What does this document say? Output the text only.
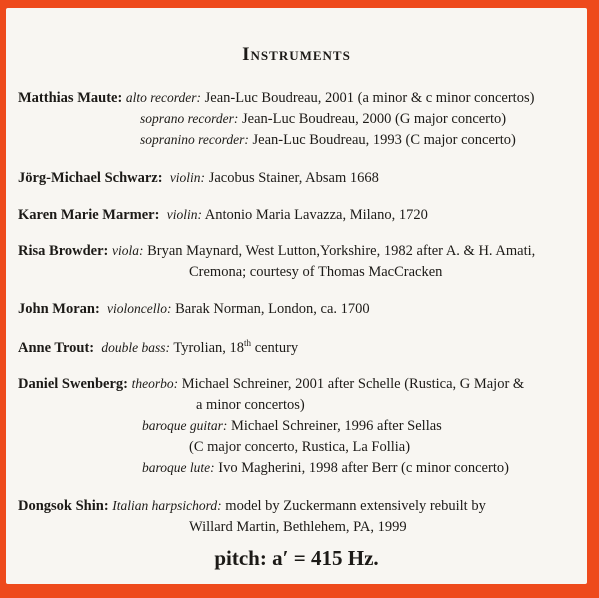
Instruments
Matthias Maute: alto recorder: Jean-Luc Boudreau, 2001 (a minor & c minor concertos)
soprano recorder: Jean-Luc Boudreau, 2000 (G major concerto)
sopranino recorder: Jean-Luc Boudreau, 1993 (C major concerto)
Jörg-Michael Schwarz: violin: Jacobus Stainer, Absam 1668
Karen Marie Marmer: violin: Antonio Maria Lavazza, Milano, 1720
Risa Browder: viola: Bryan Maynard, West Lutton,Yorkshire, 1982 after A. & H. Amati,
Cremona; courtesy of Thomas MacCracken
John Moran: violoncello: Barak Norman, London, ca. 1700
Anne Trout: double bass: Tyrolian, 18th century
Daniel Swenberg: theorbo: Michael Schreiner, 2001 after Schelle (Rustica, G Major &
a minor concertos)
baroque guitar: Michael Schreiner, 1996 after Sellas
(C major concerto, Rustica, La Follia)
baroque lute: Ivo Magherini, 1998 after Berr (c minor concerto)
Dongsok Shin: Italian harpsichord: model by Zuckermann extensively rebuilt by
Willard Martin, Bethlehem, PA, 1999
pitch: a′ = 415 Hz.
